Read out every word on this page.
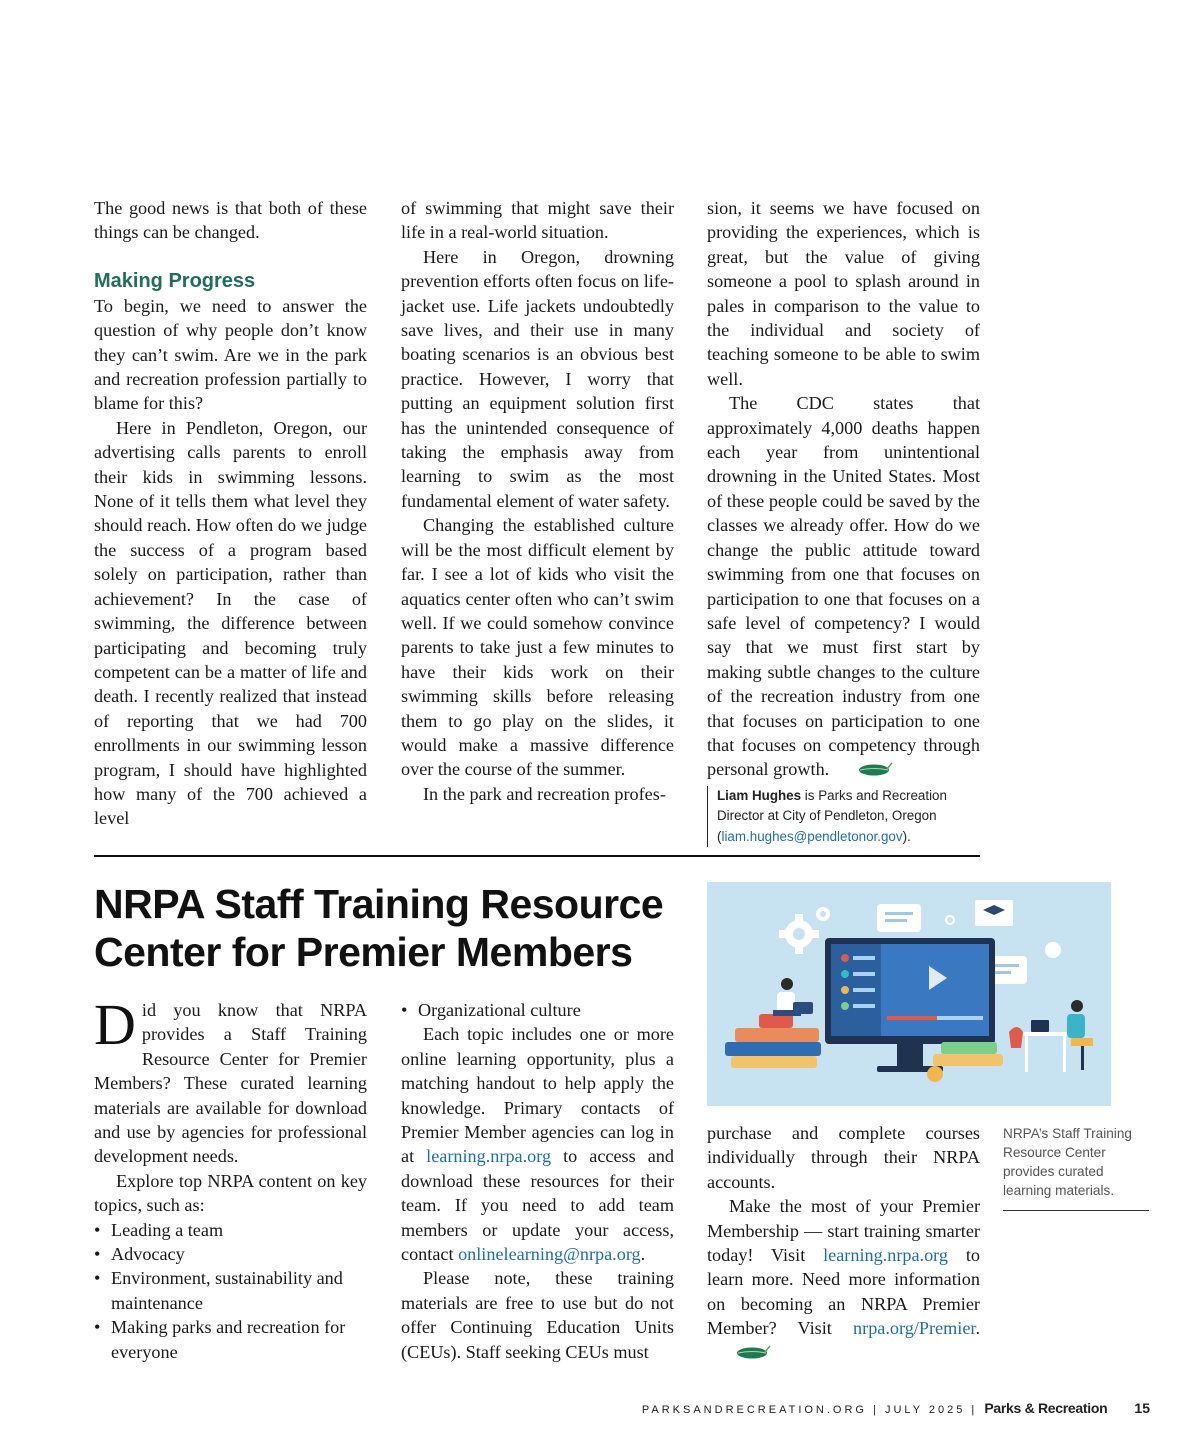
The good news is that both of these things can be changed.

Making Progress

To begin, we need to answer the question of why people don’t know they can’t swim. Are we in the park and recreation profession partially to blame for this?

Here in Pendleton, Oregon, our advertising calls parents to enroll their kids in swimming lessons. None of it tells them what level they should reach. How often do we judge the success of a program based solely on participation, rather than achievement? In the case of swimming, the difference between participating and becoming truly competent can be a matter of life and death. I recently realized that instead of reporting that we had 700 enrollments in our swimming lesson program, I should have highlighted how many of the 700 achieved a level

of swimming that might save their life in a real-world situation.

Here in Oregon, drowning prevention efforts often focus on life-jacket use. Life jackets undoubtedly save lives, and their use in many boating scenarios is an obvious best practice. However, I worry that putting an equipment solution first has the unintended consequence of taking the emphasis away from learning to swim as the most fundamental element of water safety.

Changing the established culture will be the most difficult element by far. I see a lot of kids who visit the aquatics center often who can’t swim well. If we could somehow convince parents to take just a few minutes to have their kids work on their swimming skills before releasing them to go play on the slides, it would make a massive difference over the course of the summer.

In the park and recreation profes-

sion, it seems we have focused on providing the experiences, which is great, but the value of giving someone a pool to splash around in pales in comparison to the value to the individual and society of teaching someone to be able to swim well.

The CDC states that approximately 4,000 deaths happen each year from unintentional drowning in the United States. Most of these people could be saved by the classes we already offer. How do we change the public attitude toward swimming from one that focuses on participation to one that focuses on a safe level of competency? I would say that we must first start by making subtle changes to the culture of the recreation industry from one that focuses on participation to one that focuses on competency through personal growth.

Liam Hughes is Parks and Recreation Director at City of Pendleton, Oregon (liam.hughes@pendletonor.gov).
NRPA Staff Training Resource Center for Premier Members

Did you know that NRPA provides a Staff Training Resource Center for Premier Members? These curated learning materials are available for download and use by agencies for professional development needs.

Explore top NRPA content on key topics, such as:

• Leading a team
• Advocacy
• Environment, sustainability and maintenance
• Making parks and recreation for everyone
• Organizational culture

Each topic includes one or more online learning opportunity, plus a matching handout to help apply the knowledge. Primary contacts of Premier Member agencies can log in at learning.nrpa.org to access and download these resources for their team. If you need to add team members or update your access, contact onlinelearning@nrpa.org.

Please note, these training materials are free to use but do not offer Continuing Education Units (CEUs). Staff seeking CEUs must

purchase and complete courses individually through their NRPA accounts.

Make the most of your Premier Membership — start training smarter today! Visit learning.nrpa.org to learn more. Need more information on becoming an NRPA Premier Member? Visit nrpa.org/Premier.

NRPA’s Staff Training Resource Center provides curated learning materials.
PARKSANDRECREATION.ORG | JULY 2025 | Parks & Recreation 15
